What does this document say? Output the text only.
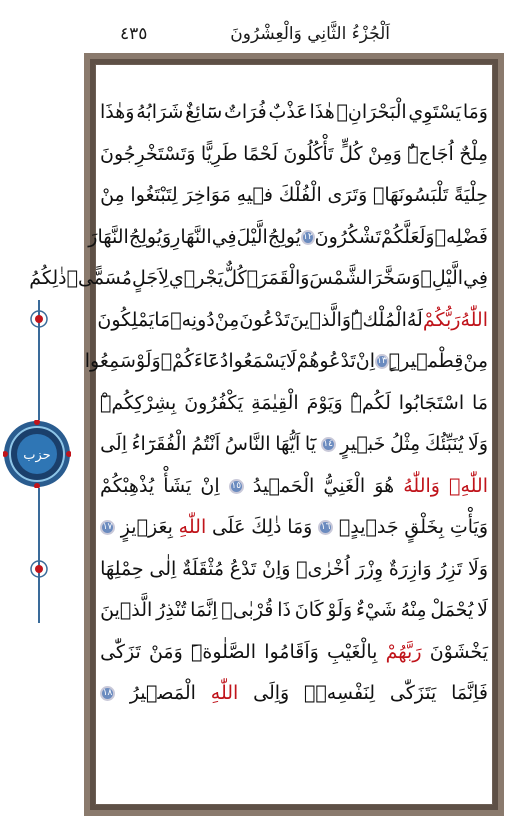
اَلْجُزْءُ الثَّانِي وَالْعِشْرُونَ
٤٣٥
حزب
وَمَا
يَسْتَوِي
الْبَحْرَانِۗ
هٰذَا
عَذْبٌ
فُرَاتٌ
سَٓائِغٌ
شَرَابُهُ
وَهٰذَا
مِلْحٌ
اُجَاجٌۜ
وَمِنْ
كُلٍّ
تَأْكُلُونَ
لَحْمًا
طَرِيًّا
وَتَسْتَخْرِجُونَ
حِلْيَةً
تَلْبَسُونَهَاۚ
وَتَرَى
الْفُلْكَ
فٖيهِ
مَوَاخِرَ
لِتَبْتَغُوا
مِنْ
فَضْلِهٖ
وَلَعَلَّكُمْ
تَشْكُرُونَ
١٢
يُولِجُ
الَّيْلَ
فِي
النَّهَارِ
وَيُولِجُ
النَّهَارَ
فِي
الَّيْلِۙ
وَسَخَّرَ
الشَّمْسَ
وَالْقَمَرَۘ
كُلٌّ
يَجْرٖي
لِاَجَلٍ
مُسَمًّىۜ
ذٰلِكُمُ
اللّٰهُ
رَبُّكُمْ
لَهُ
الْمُلْكُۜ
وَالَّذٖينَ
تَدْعُونَ
مِنْ
دُونِهٖ
مَا
يَمْلِكُونَ
مِنْ
قِطْمٖيرٍۜ
١٣
اِنْ
تَدْعُوهُمْ
لَا
يَسْمَعُوا
دُعَٓاءَكُمْۚ
وَلَوْ
سَمِعُوا
مَا
اسْتَجَابُوا
لَكُمْۜ
وَيَوْمَ
الْقِيٰمَةِ
يَكْفُرُونَ
بِشِرْكِكُمْۜ
وَلَا
يُنَبِّئُكَ
مِثْلُ
خَبٖيرٍ
١٤
يَٓا
اَيُّهَا
النَّاسُ
اَنْتُمُ
الْفُقَرَٓاءُ
اِلَى
اللّٰهِۚ
وَاللّٰهُ
هُوَ
الْغَنِيُّ
الْحَمٖيدُ
١٥
اِنْ
يَشَأْ
يُذْهِبْكُمْ
وَيَأْتِ
بِخَلْقٍ
جَدٖيدٍۚ
١٦
وَمَا
ذٰلِكَ
عَلَى
اللّٰهِ
بِعَزٖيزٍ
١٧
وَلَا
تَزِرُ
وَازِرَةٌ
وِزْرَ
اُخْرٰىۜ
وَاِنْ
تَدْعُ
مُثْقَلَةٌ
اِلٰى
حِمْلِهَا
لَا
يُحْمَلْ
مِنْهُ
شَيْءٌ
وَلَوْ
كَانَ
ذَا
قُرْبٰىۜ
اِنَّمَا
تُنْذِرُ
الَّذٖينَ
يَخْشَوْنَ
رَبَّهُمْ
بِالْغَيْبِ
وَاَقَامُوا
الصَّلٰوةَۜ
وَمَنْ
تَزَكّٰى
فَاِنَّمَا
يَتَزَكّٰى
لِنَفْسِهٖۜ
وَاِلَى
اللّٰهِ
الْمَصٖيرُ
١٨
